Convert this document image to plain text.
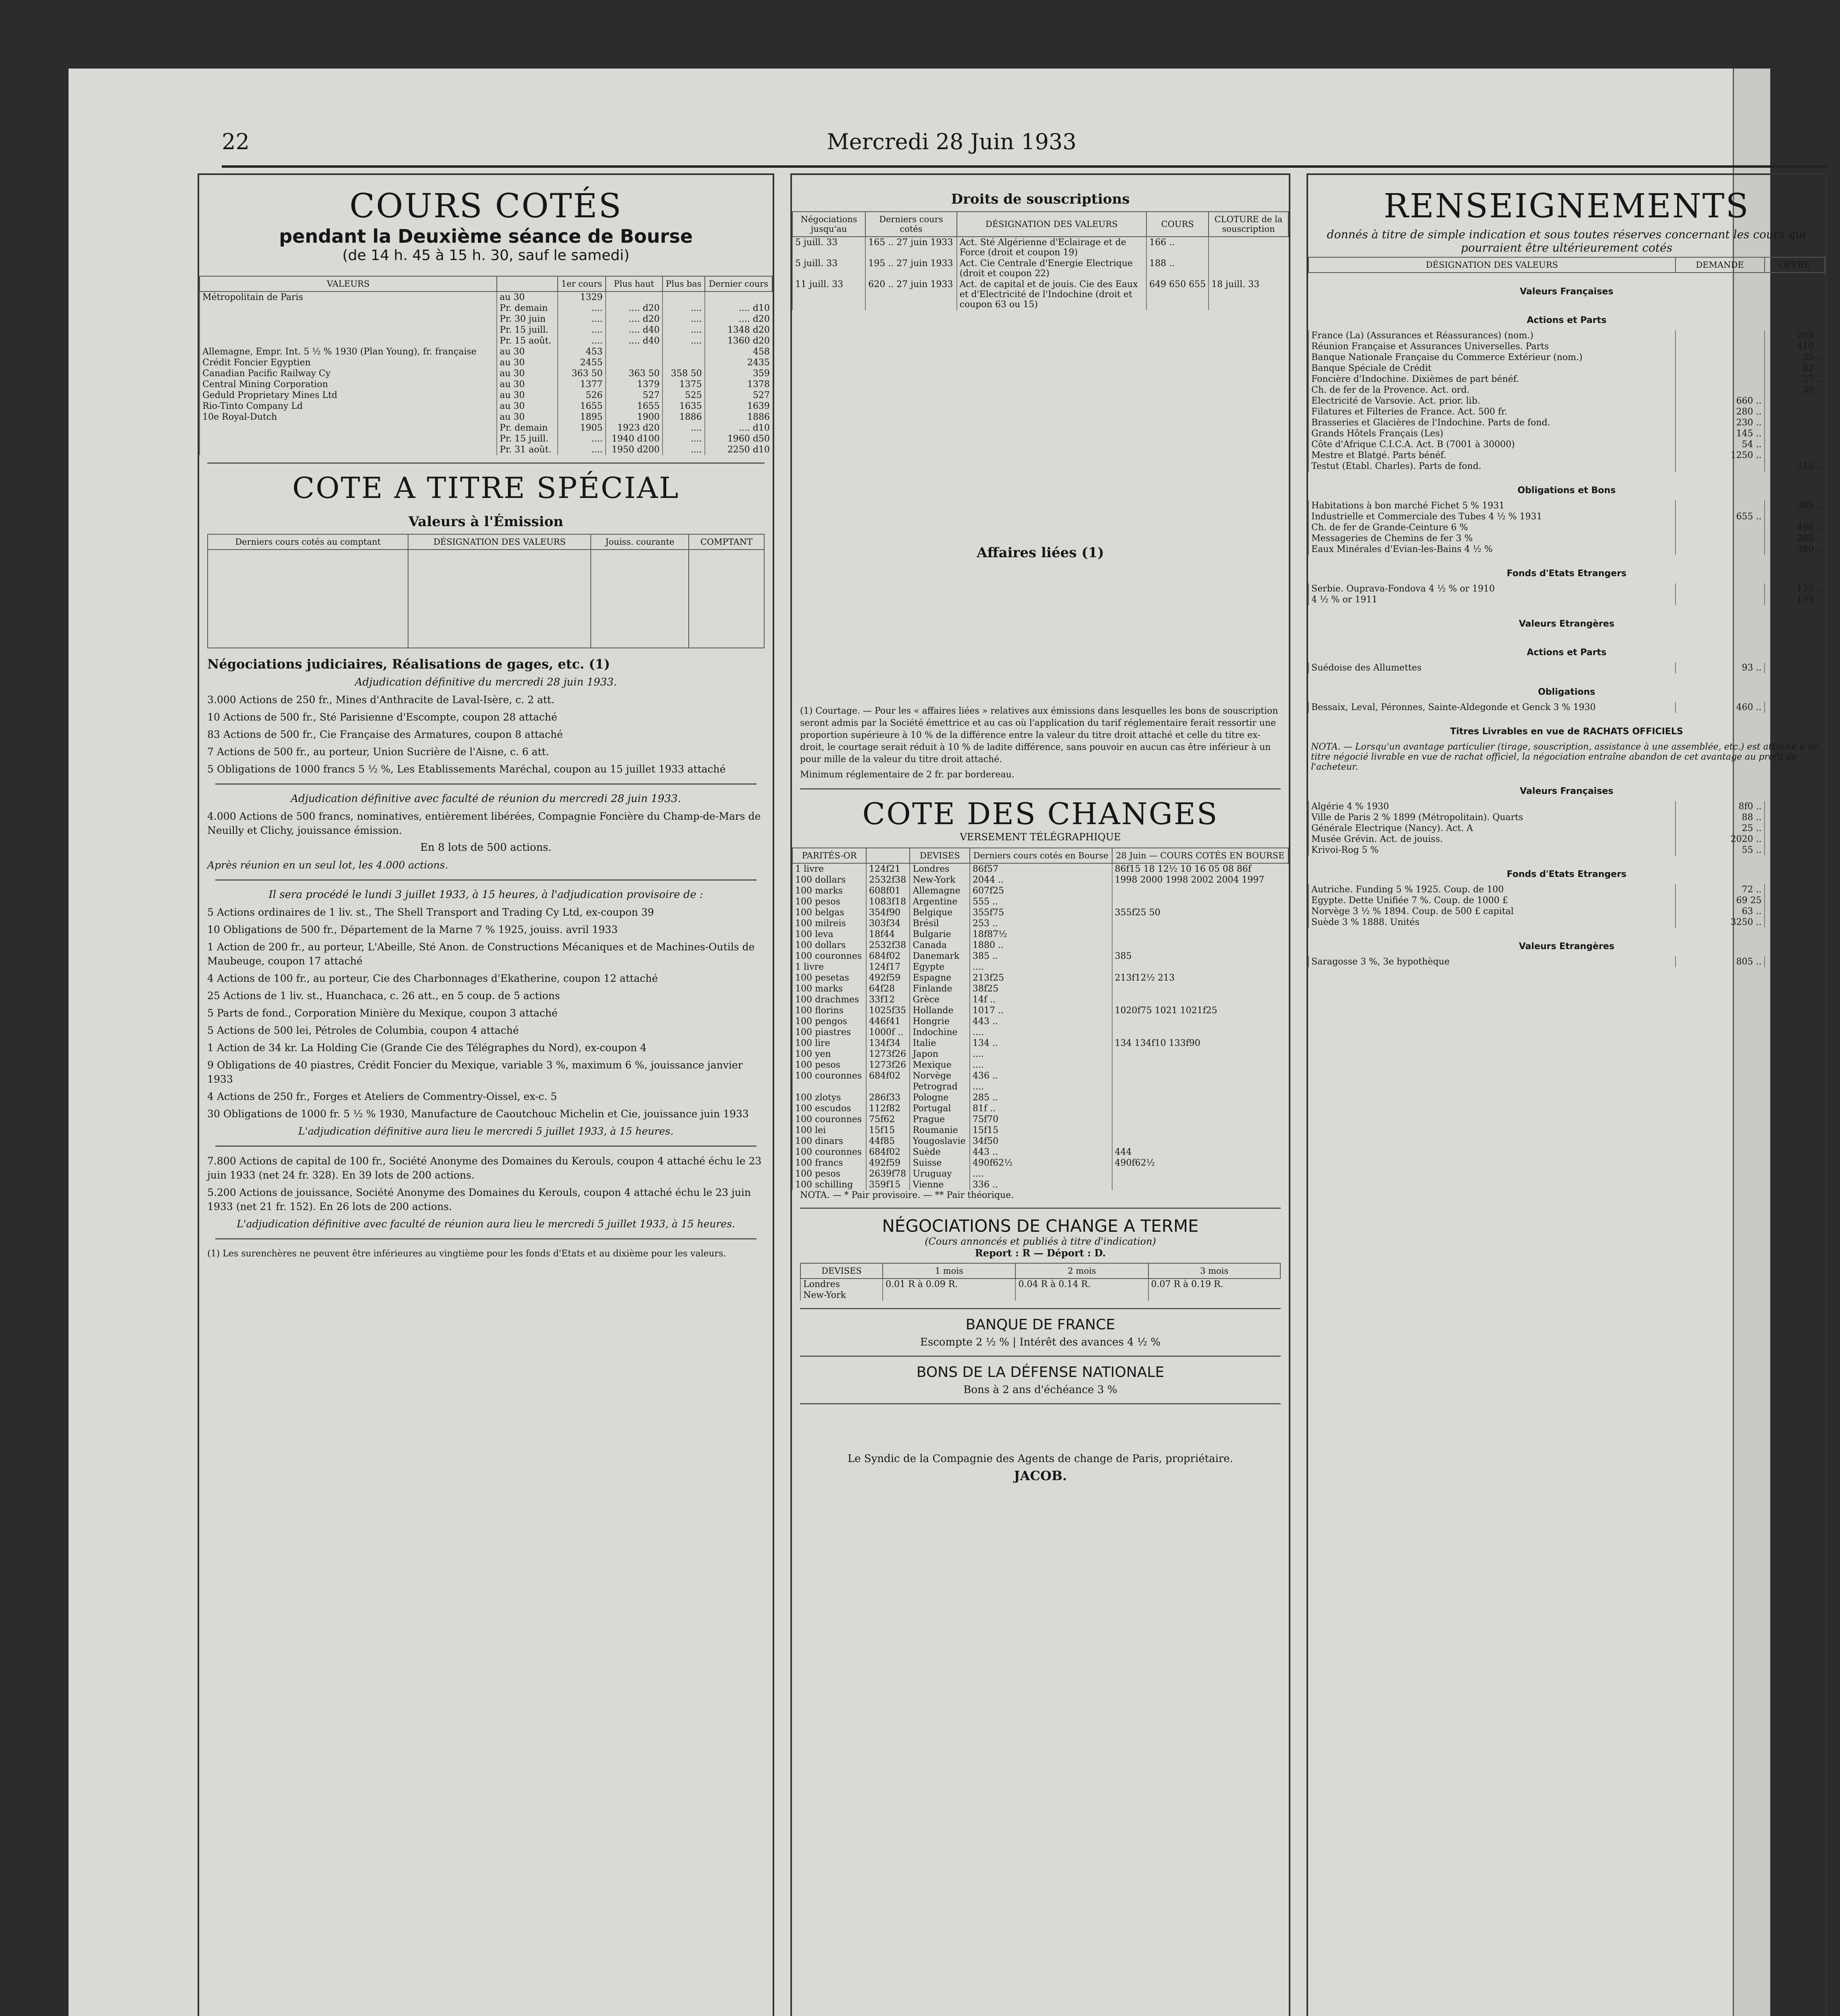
22	Mercredi 28 Juin 1933
COURS COTÉS
pendant la Deuxième séance de Bourse
(de 14 h. 45 à 15 h. 30, sauf le samedi)
VALEURS		1er cours	Plus haut	Plus bas	Dernier cours
Métropolitain de Paris	au 30	1329			
	Pr. demain	....	.... d20	....	.... d10
	Pr. 30 juin	....	.... d20	....	.... d20
	Pr. 15 juill.	....	.... d40	....	1348 d20
	Pr. 15 août.	....	.... d40	....	1360 d20
Allemagne, Empr. Int. 5 ½ % 1930 (Plan Young), fr. française	au 30	453			458
Crédit Foncier Egyptien	au 30	2455			2435
Canadian Pacific Railway Cy	au 30	363 50	363 50	358 50	359
Central Mining Corporation	au 30	1377	1379	1375	1378
Geduld Proprietary Mines Ltd	au 30	526	527	525	527
Rio-Tinto Company Ld	au 30	1655	1655	1635	1639
10e Royal-Dutch	au 30	1895	1900	1886	1886
	Pr. demain	1905	1923 d20	....	.... d10
	Pr. 15 juill.	....	1940 d100	....	1960 d50
	Pr. 31 août.	....	1950 d200	....	2250 d10
COTE A TITRE SPÉCIAL
Valeurs à l'Émission
Derniers cours cotés au comptant	DÉSIGNATION DES VALEURS	Jouiss. courante	COMPTANT

Négociations judiciaires, Réalisations de gages, etc. (1)

Adjudication définitive du mercredi 28 juin 1933.

3.000 Actions de 250 fr., Mines d'Anthracite de Laval-Isère, c. 2 att.

10 Actions de 500 fr., Sté Parisienne d'Escompte, coupon 28 attaché

83 Actions de 500 fr., Cie Française des Armatures, coupon 8 attaché

7 Actions de 500 fr., au porteur, Union Sucrière de l'Aisne, c. 6 att.

5 Obligations de 1000 francs 5 ½ %, Les Etablissements Maréchal, coupon au 15 juillet 1933 attaché

Adjudication définitive avec faculté de réunion du mercredi 28 juin 1933.

4.000 Actions de 500 francs, nominatives, entièrement libérées, Compagnie Foncière du Champ-de-Mars de Neuilly et Clichy, jouissance émission.

En 8 lots de 500 actions.

Après réunion en un seul lot, les 4.000 actions.

Il sera procédé le lundi 3 juillet 1933, à 15 heures, à l'adjudication provisoire de :

5 Actions ordinaires de 1 liv. st., The Shell Transport and Trading Cy Ltd, ex-coupon 39

10 Obligations de 500 fr., Département de la Marne 7 % 1925, jouiss. avril 1933

1 Action de 200 fr., au porteur, L'Abeille, Sté Anon. de Constructions Mécaniques et de Machines-Outils de Maubeuge, coupon 17 attaché

4 Actions de 100 fr., au porteur, Cie des Charbonnages d'Ekatherine, coupon 12 attaché

25 Actions de 1 liv. st., Huanchaca, c. 26 att., en 5 coup. de 5 actions

5 Parts de fond., Corporation Minière du Mexique, coupon 3 attaché

5 Actions de 500 lei, Pétroles de Columbia, coupon 4 attaché

1 Action de 34 kr. La Holding Cie (Grande Cie des Télégraphes du Nord), ex-coupon 4

9 Obligations de 40 piastres, Crédit Foncier du Mexique, variable 3 %, maximum 6 %, jouissance janvier 1933

4 Actions de 250 fr., Forges et Ateliers de Commentry-Oissel, ex-c. 5

30 Obligations de 1000 fr. 5 ½ % 1930, Manufacture de Caoutchouc Michelin et Cie, jouissance juin 1933

L'adjudication définitive aura lieu le mercredi 5 juillet 1933, à 15 heures.

7.800 Actions de capital de 100 fr., Société Anonyme des Domaines du Kerouls, coupon 4 attaché échu le 23 juin 1933 (net 24 fr. 328). En 39 lots de 200 actions.

5.200 Actions de jouissance, Société Anonyme des Domaines du Kerouls, coupon 4 attaché échu le 23 juin 1933 (net 21 fr. 152). En 26 lots de 200 actions.

L'adjudication définitive avec faculté de réunion aura lieu le mercredi 5 juillet 1933, à 15 heures.

(1) Les surenchères ne peuvent être inférieures au vingtième pour les fonds d'Etats et au dixième pour les valeurs.

Droits de souscriptions
Négociations jusqu'au	Derniers cours cotés	DÉSIGNATION DES VALEURS	COURS	CLOTURE de la souscription
5 juill. 33	165 .. 27 juin 1933	Act. Sté Algérienne d'Eclairage et de Force (droit et coupon 19)	166 ..	
5 juill. 33	195 .. 27 juin 1933	Act. Cie Centrale d'Energie Electrique (droit et coupon 22)	188 ..	
11 juill. 33	620 .. 27 juin 1933	Act. de capital et de jouis. Cie des Eaux et d'Electricité de l'Indochine (droit et coupon 63 ou 15)	649 650 655	18 juill. 33
Affaires liées (1)

(1) Courtage. — Pour les « affaires liées » relatives aux émissions dans lesquelles les bons de souscription seront admis par la Société émettrice et au cas où l'application du tarif réglementaire ferait ressortir une proportion supérieure à 10 % de la différence entre la valeur du titre droit attaché et celle du titre ex-droit, le courtage serait réduit à 10 % de ladite différence, sans pouvoir en aucun cas être inférieur à un pour mille de la valeur du titre droit attaché.

Minimum réglementaire de 2 fr. par bordereau.

COTE DES CHANGES
VERSEMENT TÉLÉGRAPHIQUE
PARITÉS-OR		DEVISES	Derniers cours cotés en Bourse	28 Juin — COURS COTÉS EN BOURSE
1 livre	124f21	Londres	86f57	86f15 18 12½ 10 16 05 08 86f
100 dollars	2532f38	New-York	2044 ..	1998 2000 1998 2002 2004 1997
100 marks	608f01	Allemagne	607f25	
100 pesos	1083f18	Argentine	555 ..	
100 belgas	354f90	Belgique	355f75	355f25 50
100 milreis	303f34	Brésil	253 ..	
100 leva	18f44	Bulgarie	18f87½	
100 dollars	2532f38	Canada	1880 ..	
100 couronnes	684f02	Danemark	385 ..	385
1 livre	124f17	Egypte	....	
100 pesetas	492f59	Espagne	213f25	213f12½ 213
100 marks	64f28	Finlande	38f25	
100 drachmes	33f12	Grèce	14f ..	
100 florins	1025f35	Hollande	1017 ..	1020f75 1021 1021f25
100 pengos	446f41	Hongrie	443 ..	
100 piastres	1000f ..	Indochine	....	
100 lire	134f34	Italie	134 ..	134 134f10 133f90
100 yen	1273f26	Japon	....	
100 pesos	1273f26	Mexique	....	
100 couronnes	684f02	Norvège	436 ..	
		Petrograd	....	
100 zlotys	286f33	Pologne	285 ..	
100 escudos	112f82	Portugal	81f ..	
100 couronnes	75f62	Prague	75f70	
100 lei	15f15	Roumanie	15f15	
100 dinars	44f85	Yougoslavie	34f50	
100 couronnes	684f02	Suède	443 ..	444
100 francs	492f59	Suisse	490f62½	490f62½
100 pesos	2639f78	Uruguay	....	
100 schilling	359f15	Vienne	336 ..	

NOTA. — * Pair provisoire. — ** Pair théorique.

NÉGOCIATIONS DE CHANGE A TERME
(Cours annoncés et publiés à titre d'indication)
Report : R — Déport : D.
DEVISES	1 mois	2 mois	3 mois
Londres	0.01 R à 0.09 R.	0.04 R à 0.14 R.	0.07 R à 0.19 R.
New-York			
BANQUE DE FRANCE

Escompte 2 ½ % | Intérêt des avances 4 ½ %

BONS DE LA DÉFENSE NATIONALE

Bons à 2 ans d'échéance 3 %

Le Syndic de la Compagnie des Agents de change de Paris, propriétaire.

JACOB.

RENSEIGNEMENTS

donnés à titre de simple indication et sous toutes réserves concernant les cours qui pourraient être ultérieurement cotés

DÉSIGNATION DES VALEURS	DEMANDE	OFFRE
Valeurs Françaises		
Actions et Parts		
France (La) (Assurances et Réassurances) (nom.)		205 ..
Réunion Française et Assurances Universelles. Parts		410 ..
Banque Nationale Française du Commerce Extérieur (nom.)		35 ..
Banque Spéciale de Crédit		82 ..
Foncière d'Indochine. Dixièmes de part bénéf.		27 ..
Ch. de fer de la Provence. Act. ord.		38 ..
Electricité de Varsovie. Act. prior. lib.	660 ..	
Filatures et Filteries de France. Act. 500 fr.	280 ..	
Brasseries et Glacières de l'Indochine. Parts de fond.	230 ..	
Grands Hôtels Français (Les)	145 ..	
Côte d'Afrique C.I.C.A. Act. B (7001 à 30000)	54 ..	
Mestre et Blatgé. Parts bénéf.	1250 ..	
Testut (Etabl. Charles). Parts de fond.		315 ..
Obligations et Bons		
Habitations à bon marché Fichet 5 % 1931		385 ..
Industrielle et Commerciale des Tubes 4 ½ % 1931	655 ..	
Ch. de fer de Grande-Ceinture 6 %		490 ..
Messageries de Chemins de fer 3 %		285 ..
Eaux Minérales d'Evian-les-Bains 4 ½ %		380 ..
Fonds d'Etats Etrangers		
Serbie. Oupravа-Fondova 4 ½ % or 1910		135 ..
4 ½ % or 1911		135 ..
Valeurs Etrangères		
Actions et Parts		
Suédoise des Allumettes	93 ..	
Obligations		
Bessaix, Leval, Péronnes, Sainte-Aldegonde et Genck 3 % 1930	460 ..	
Titres Livrables en vue de RACHATS OFFICIELS		
NOTA. — Lorsqu'un avantage particulier (tirage, souscription, assistance à une assemblée, etc.) est attaché à un titre négocié livrable en vue de rachat officiel, la négociation entraîne abandon de cet avantage au profit de l'acheteur.		
Valeurs Françaises		
Algérie 4 % 1930	8f0 ..	
Ville de Paris 2 % 1899 (Métropolitain). Quarts	88 ..	
Générale Electrique (Nancy). Act. A	25 ..	
Musée Grévin. Act. de jouiss.	2020 ..	
Krivoi-Rog 5 %	55 ..	
Fonds d'Etats Etrangers		
Autriche. Funding 5 % 1925. Coup. de 100	72 ..	
Egypte. Dette Unifiée 7 %. Coup. de 1000 £	69 25	
Norvège 3 ½ % 1894. Coup. de 500 £ capital	63 ..	
Suède 3 % 1888. Unités	3250 ..	
Valeurs Etrangères		
Saragosse 3 %, 3e hypothèque	805 ..	
